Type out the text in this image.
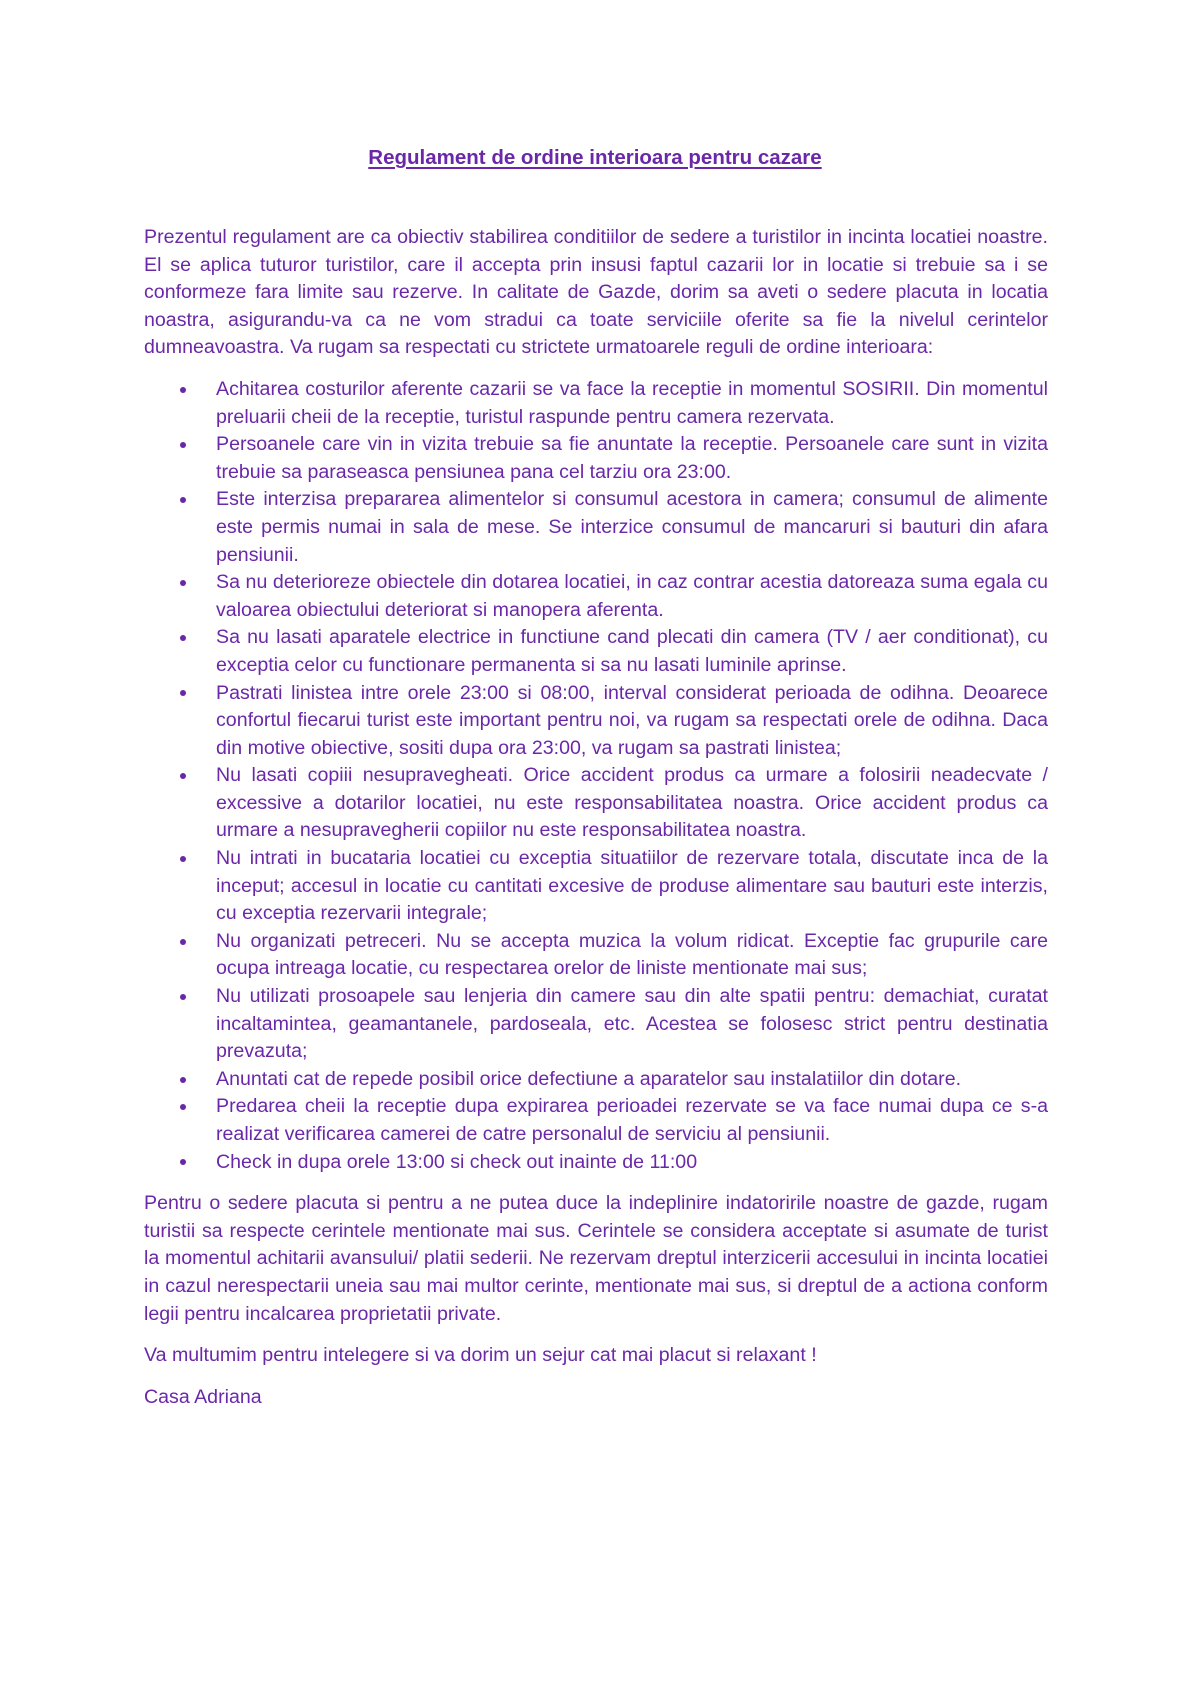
Regulament de ordine interioara pentru cazare

Prezentul regulament are ca obiectiv stabilirea conditiilor de sedere a turistilor in incinta locatiei noastre. El se aplica tuturor turistilor, care il accepta prin insusi faptul cazarii lor in locatie si trebuie sa i se conformeze fara limite sau rezerve. In calitate de Gazde, dorim sa aveti o sedere placuta in locatia noastra, asigurandu-va ca ne vom stradui ca toate serviciile oferite sa fie la nivelul cerintelor dumneavoastra. Va rugam sa respectati cu strictete urmatoarele reguli de ordine interioara:

Achitarea costurilor aferente cazarii se va face la receptie in momentul SOSIRII. Din momentul preluarii cheii de la receptie, turistul raspunde pentru camera rezervata.
Persoanele care vin in vizita trebuie sa fie anuntate la receptie. Persoanele care sunt in vizita trebuie sa paraseasca pensiunea pana cel tarziu ora 23:00.
Este interzisa prepararea alimentelor si consumul acestora in camera; consumul de alimente este permis numai in sala de mese. Se interzice consumul de mancaruri si bauturi din afara pensiunii.
Sa nu deterioreze obiectele din dotarea locatiei, in caz contrar acestia datoreaza suma egala cu valoarea obiectului deteriorat si manopera aferenta.
Sa nu lasati aparatele electrice in functiune cand plecati din camera (TV / aer conditionat), cu exceptia celor cu functionare permanenta si sa nu lasati luminile aprinse.
Pastrati linistea intre orele 23:00 si 08:00, interval considerat perioada de odihna. Deoarece confortul fiecarui turist este important pentru noi, va rugam sa respectati orele de odihna. Daca din motive obiective, sositi dupa ora 23:00, va rugam sa pastrati linistea;
Nu lasati copiii nesupravegheati. Orice accident produs ca urmare a folosirii neadecvate / excessive a dotarilor locatiei, nu este responsabilitatea noastra. Orice accident produs ca urmare a nesupravegherii copiilor nu este responsabilitatea noastra.
Nu intrati in bucataria locatiei cu exceptia situatiilor de rezervare totala, discutate inca de la inceput; accesul in locatie cu cantitati excesive de produse alimentare sau bauturi este interzis, cu exceptia rezervarii integrale;
Nu organizati petreceri. Nu se accepta muzica la volum ridicat. Exceptie fac grupurile care ocupa intreaga locatie, cu respectarea orelor de liniste mentionate mai sus;
Nu utilizati prosoapele sau lenjeria din camere sau din alte spatii pentru: demachiat, curatat incaltamintea, geamantanele, pardoseala, etc. Acestea se folosesc strict pentru destinatia prevazuta;
Anuntati cat de repede posibil orice defectiune a aparatelor sau instalatiilor din dotare.
Predarea cheii la receptie dupa expirarea perioadei rezervate se va face numai dupa ce s-a realizat verificarea camerei de catre personalul de serviciu al pensiunii.
Check in dupa orele 13:00 si check out inainte de 11:00

Pentru o sedere placuta si pentru a ne putea duce la indeplinire indatoririle noastre de gazde, rugam turistii sa respecte cerintele mentionate mai sus. Cerintele se considera acceptate si asumate de turist la momentul achitarii avansului/ platii sederii. Ne rezervam dreptul interzicerii accesului in incinta locatiei in cazul nerespectarii uneia sau mai multor cerinte, mentionate mai sus, si dreptul de a actiona conform legii pentru incalcarea proprietatii private.

Va multumim pentru intelegere si va dorim un sejur cat mai placut si relaxant !

Casa Adriana
